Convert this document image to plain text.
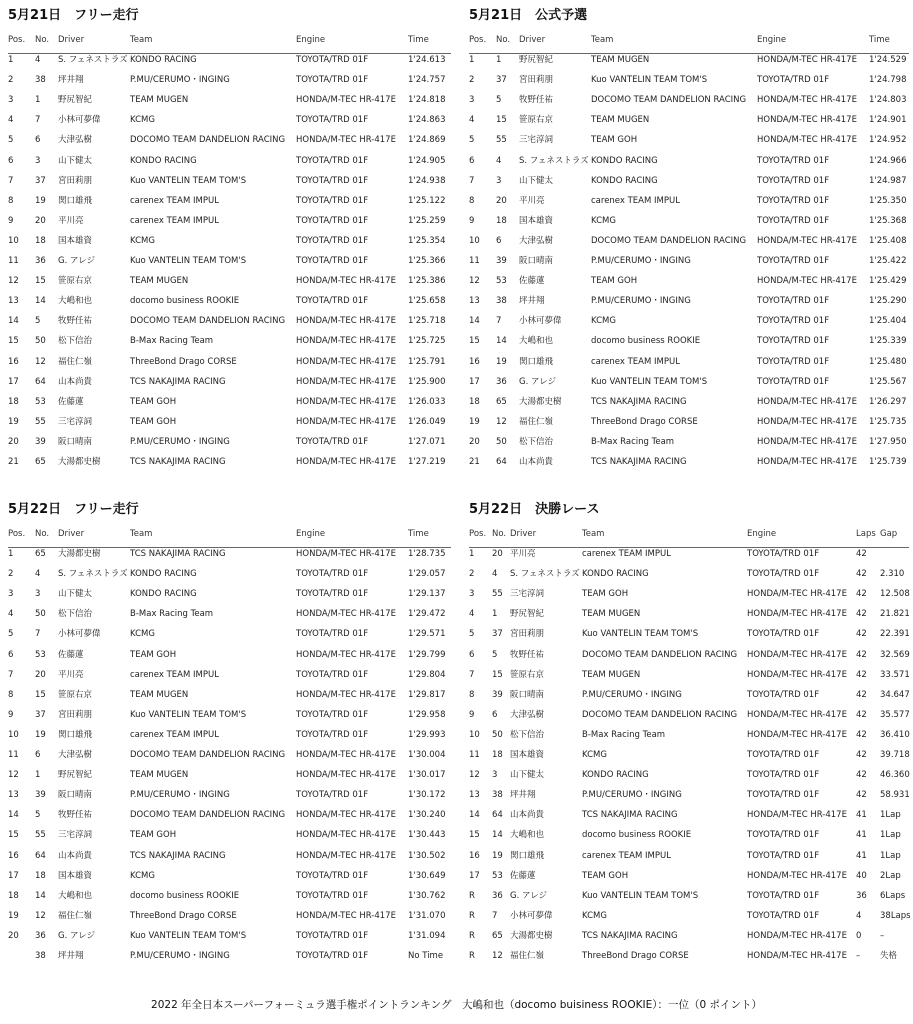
5月21日　フリー走行
Pos. No. Driver	Team	Engine	Time
1	4 S. フェネストラズ KONDO RACING	TOYOTA/TRD 01F	1'24.613
2	38 坪井翔	P.MU/CERUMO・INGING	TOYOTA/TRD 01F	1'24.757
3	1 野尻智紀	TEAM MUGEN	HONDA/M-TEC HR-417E 1'24.818
4	7 小林可夢偉	KCMG	TOYOTA/TRD 01F	1'24.863
5	6 大津弘樹	DOCOMO TEAM DANDELION RACING HONDA/M-TEC HR-417E 1'24.869
6	3 山下健太	KONDO RACING	TOYOTA/TRD 01F	1'24.905
7	37 宮田莉朋	Kuo VANTELIN TEAM TOM'S	TOYOTA/TRD 01F	1'24.938
8	19 関口雄飛	carenex TEAM IMPUL	TOYOTA/TRD 01F	1'25.122
9	20 平川亮	carenex TEAM IMPUL	TOYOTA/TRD 01F	1'25.259
10 18 国本雄資	KCMG	TOYOTA/TRD 01F	1'25.354
11 36 G. アレジ	Kuo VANTELIN TEAM TOM'S	TOYOTA/TRD 01F	1'25.366
12 15 笹原右京	TEAM MUGEN	HONDA/M-TEC HR-417E 1'25.386
13 14 大嶋和也	docomo business ROOKIE	TOYOTA/TRD 01F	1'25.658
14 5 牧野任祐	DOCOMO TEAM DANDELION RACING HONDA/M-TEC HR-417E 1'25.718
15 50 松下信治	B-Max Racing Team	HONDA/M-TEC HR-417E 1'25.725
16 12 福住仁嶺	ThreeBond Drago CORSE	HONDA/M-TEC HR-417E 1'25.791
17 64 山本尚貴	TCS NAKAJIMA RACING	HONDA/M-TEC HR-417E 1'25.900
18 53 佐藤蓮	TEAM GOH	HONDA/M-TEC HR-417E 1'26.033
19 55 三宅淳詞	TEAM GOH	HONDA/M-TEC HR-417E 1'26.049
20 39 阪口晴南	P.MU/CERUMO・INGING	TOYOTA/TRD 01F	1'27.071
21 65 大湯都史樹	TCS NAKAJIMA RACING	HONDA/M-TEC HR-417E 1'27.219
5月21日　公式予選
Pos. No. Driver	Team	Engine	Time
1	1 野尻智紀	TEAM MUGEN	HONDA/M-TEC HR-417E 1'24.529
2	37 宮田莉朋	Kuo VANTELIN TEAM TOM'S	TOYOTA/TRD 01F	1'24.798
3	5 牧野任祐	DOCOMO TEAM DANDELION RACING HONDA/M-TEC HR-417E 1'24.803
4	15 笹原右京	TEAM MUGEN	HONDA/M-TEC HR-417E 1'24.901
5	55 三宅淳詞	TEAM GOH	HONDA/M-TEC HR-417E 1'24.952
6	4 S. フェネストラズ KONDO RACING	TOYOTA/TRD 01F	1'24.966
7	3 山下健太	KONDO RACING	TOYOTA/TRD 01F	1'24.987
8	20 平川亮	carenex TEAM IMPUL	TOYOTA/TRD 01F	1'25.350
9	18 国本雄資	KCMG	TOYOTA/TRD 01F	1'25.368
10 6 大津弘樹	DOCOMO TEAM DANDELION RACING HONDA/M-TEC HR-417E 1'25.408
11 39 阪口晴南	P.MU/CERUMO・INGING	TOYOTA/TRD 01F	1'25.422
12 53 佐藤蓮	TEAM GOH	HONDA/M-TEC HR-417E 1'25.429
13 38 坪井翔	P.MU/CERUMO・INGING	TOYOTA/TRD 01F	1'25.290
14 7 小林可夢偉	KCMG	TOYOTA/TRD 01F	1'25.404
15 14 大嶋和也	docomo business ROOKIE	TOYOTA/TRD 01F	1'25.339
16 19 関口雄飛	carenex TEAM IMPUL	TOYOTA/TRD 01F	1'25.480
17 36 G. アレジ	Kuo VANTELIN TEAM TOM'S	TOYOTA/TRD 01F	1'25.567
18 65 大湯都史樹	TCS NAKAJIMA RACING	HONDA/M-TEC HR-417E 1'26.297
19 12 福住仁嶺	ThreeBond Drago CORSE	HONDA/M-TEC HR-417E 1'25.735
20 50 松下信治	B-Max Racing Team	HONDA/M-TEC HR-417E 1'27.950
21 64 山本尚貴	TCS NAKAJIMA RACING	HONDA/M-TEC HR-417E 1'25.739
5月22日　フリー走行
Pos. No. Driver	Team	Engine	Time
1	65 大湯都史樹	TCS NAKAJIMA RACING	HONDA/M-TEC HR-417E 1'28.735
2	4 S. フェネストラズ KONDO RACING	TOYOTA/TRD 01F	1'29.057
3	3 山下健太	KONDO RACING	TOYOTA/TRD 01F	1'29.137
4	50 松下信治	B-Max Racing Team	HONDA/M-TEC HR-417E 1'29.472
5	7 小林可夢偉	KCMG	TOYOTA/TRD 01F	1'29.571
6	53 佐藤蓮	TEAM GOH	HONDA/M-TEC HR-417E 1'29.799
7	20 平川亮	carenex TEAM IMPUL	TOYOTA/TRD 01F	1'29.804
8	15 笹原右京	TEAM MUGEN	HONDA/M-TEC HR-417E 1'29.817
9	37 宮田莉朋	Kuo VANTELIN TEAM TOM'S	TOYOTA/TRD 01F	1'29.958
10 19 関口雄飛	carenex TEAM IMPUL	TOYOTA/TRD 01F	1'29.993
11 6 大津弘樹	DOCOMO TEAM DANDELION RACING HONDA/M-TEC HR-417E 1'30.004
12 1 野尻智紀	TEAM MUGEN	HONDA/M-TEC HR-417E 1'30.017
13 39 阪口晴南	P.MU/CERUMO・INGING	TOYOTA/TRD 01F	1'30.172
14 5 牧野任祐	DOCOMO TEAM DANDELION RACING HONDA/M-TEC HR-417E 1'30.240
15 55 三宅淳詞	TEAM GOH	HONDA/M-TEC HR-417E 1'30.443
16 64 山本尚貴	TCS NAKAJIMA RACING	HONDA/M-TEC HR-417E 1'30.502
17 18 国本雄資	KCMG	TOYOTA/TRD 01F	1'30.649
18 14 大嶋和也	docomo business ROOKIE	TOYOTA/TRD 01F	1'30.762
19 12 福住仁嶺	ThreeBond Drago CORSE	HONDA/M-TEC HR-417E 1'31.070
20 36 G. アレジ	Kuo VANTELIN TEAM TOM'S	TOYOTA/TRD 01F	1'31.094
38 坪井翔	P.MU/CERUMO・INGING	TOYOTA/TRD 01F	No Time
5月22日　決勝レース
Pos. No. Driver	Team	Engine	Laps Gap
1 20 平川亮	carenex TEAM IMPUL	TOYOTA/TRD 01F	42
2 4 S. フェネストラズ KONDO RACING	TOYOTA/TRD 01F	42 2.310
3 55 三宅淳詞	TEAM GOH	HONDA/M-TEC HR-417E 42 12.508
4 1 野尻智紀	TEAM MUGEN	HONDA/M-TEC HR-417E 42 21.821
5 37 宮田莉朋	Kuo VANTELIN TEAM TOM'S	TOYOTA/TRD 01F	42 22.391
6 5 牧野任祐	DOCOMO TEAM DANDELION RACING HONDA/M-TEC HR-417E 42 32.569
7 15 笹原右京	TEAM MUGEN	HONDA/M-TEC HR-417E 42 33.571
8 39 阪口晴南	P.MU/CERUMO・INGING	TOYOTA/TRD 01F	42 34.647
9 6 大津弘樹	DOCOMO TEAM DANDELION RACING HONDA/M-TEC HR-417E 42 35.577
10 50 松下信治	B-Max Racing Team	HONDA/M-TEC HR-417E 42 36.410
11 18 国本雄資	KCMG	TOYOTA/TRD 01F	42 39.718
12 3 山下健太	KONDO RACING	TOYOTA/TRD 01F	42 46.360
13 38 坪井翔	P.MU/CERUMO・INGING	TOYOTA/TRD 01F	42 58.931
14 64 山本尚貴	TCS NAKAJIMA RACING	HONDA/M-TEC HR-417E 41 1Lap
15 14 大嶋和也	docomo business ROOKIE	TOYOTA/TRD 01F	41 1Lap
16 19 関口雄飛	carenex TEAM IMPUL	TOYOTA/TRD 01F	41 1Lap
17 53 佐藤蓮	TEAM GOH	HONDA/M-TEC HR-417E 40 2Lap
R 36 G. アレジ	Kuo VANTELIN TEAM TOM'S	TOYOTA/TRD 01F	36 6Laps
R 7 小林可夢偉	KCMG	TOYOTA/TRD 01F	4 38Laps
R 65 大湯都史樹	TCS NAKAJIMA RACING	HONDA/M-TEC HR-417E 0 –
R 12 福住仁嶺	ThreeBond Drago CORSE	HONDA/M-TEC HR-417E – 失格
2022 年全日本スーパーフォーミュラ選手権ポイントランキング　大嶋和也（docomo buisiness ROOKIE）：一位（0 ポイント）
